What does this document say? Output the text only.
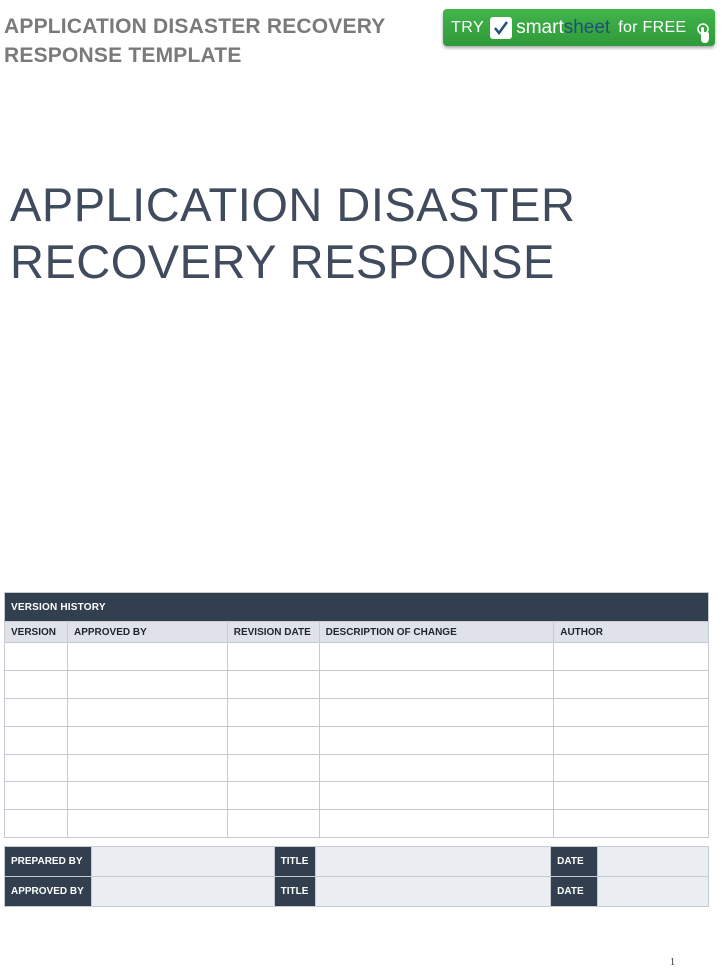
APPLICATION DISASTER RECOVERY
RESPONSE TEMPLATE
TRY smartsheet for FREE
APPLICATION DISASTER
RECOVERY RESPONSE
VERSION HISTORY				
VERSION	APPROVED BY	REVISION DATE	DESCRIPTION OF CHANGE	AUTHOR

PREPARED BY		TITLE		DATE	
APPROVED BY		TITLE		DATE	
1
